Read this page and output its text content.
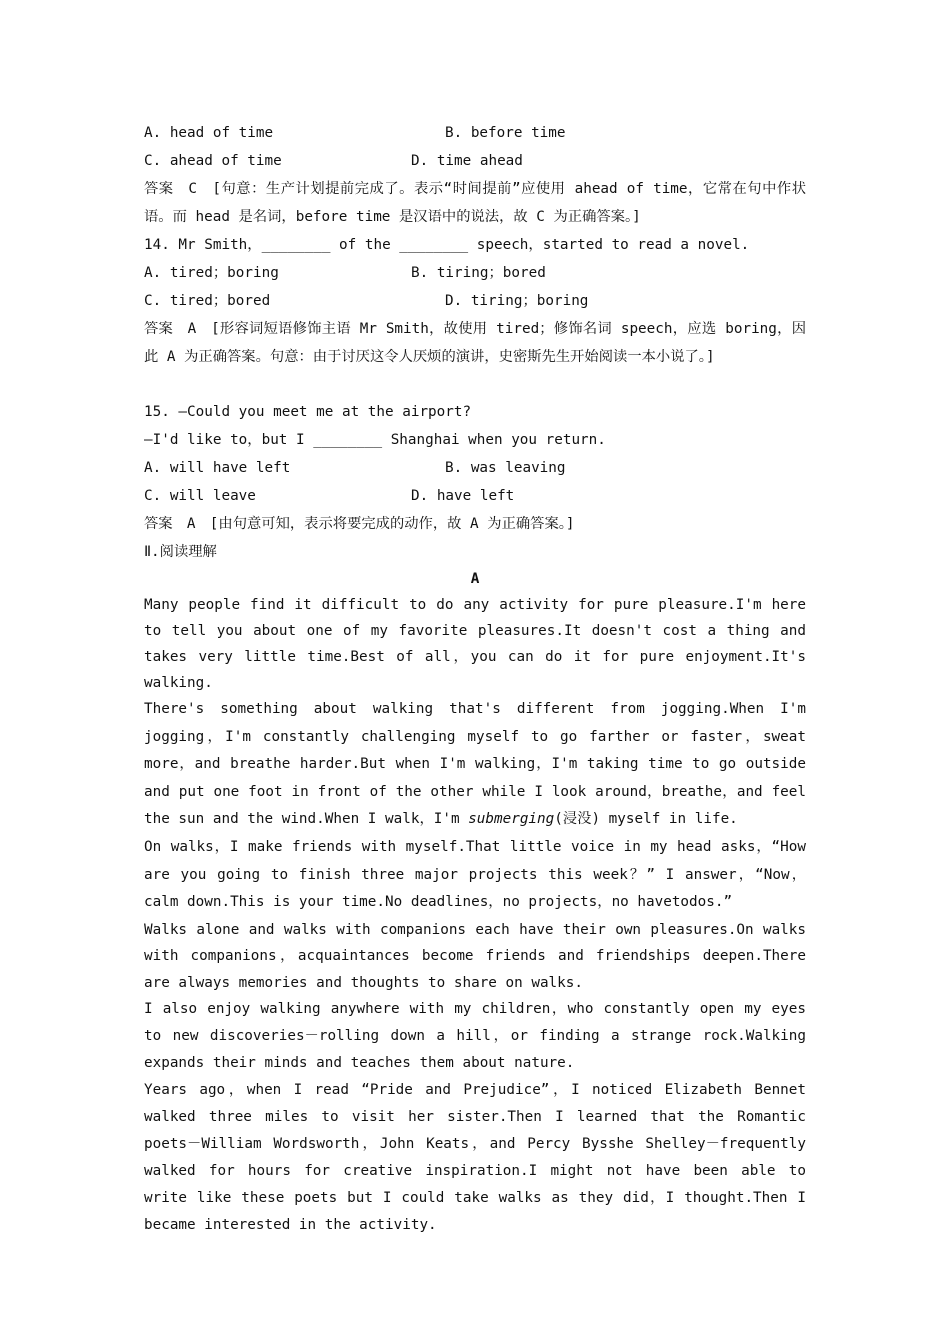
A. head of time	B. before time
C. ahead of time	D. time ahead

答案　C　[句意：生产计划提前完成了。表示“时间提前”应使用 ahead of time，它常在句中作状语。而 head 是名词，before time 是汉语中的说法，故 C 为正确答案。]

14. Mr Smith，________ of the ________ speech，started to read a novel.
A. tired；boring	B. tiring；bored
C. tired；bored	D. tiring；boring

答案　A　[形容词短语修饰主语 Mr Smith，故使用 tired；修饰名词 speech，应选 boring，因此 A 为正确答案。句意：由于讨厌这令人厌烦的演讲，史密斯先生开始阅读一本小说了。]

15. —Could you meet me at the airport?
—I'd like to，but I ________ Shanghai when you return.
A. will have left	B. was leaving
C. will leave	D. have left
答案　A　[由句意可知，表示将要完成的动作，故 A 为正确答案。]
Ⅱ.阅读理解
A

Many people find it difficult to do any activity for pure pleasure.I'm here to tell you about one of my favorite pleasures.It doesn't cost a thing and takes very little time.Best of all，you can do it for pure enjoyment.It's walking.

There's something about walking that's different from jogging.When I'm jogging，I'm constantly challenging myself to go farther or faster，sweat more，and breathe harder.But when I'm walking，I'm taking time to go outside and put one foot in front of the other while I look around，breathe，and feel the sun and the wind.When I walk，I'm submerging(浸没) myself in life.

On walks，I make friends with myself.That little voice in my head asks，“How are you going to finish three major projects this week？” I answer，“Now，calm down.This is your time.No deadlines，no projects，no havetodos.”

Walks alone and walks with companions each have their own pleasures.On walks with companions，acquaintances become friends and friendships deepen.There are always memories and thoughts to share on walks.

I also enjoy walking anywhere with my children，who constantly open my eyes to new discoveries－rolling down a hill，or finding a strange rock.Walking expands their minds and teaches them about nature.

Years ago，when I read “Pride and Prejudice”，I noticed Elizabeth Bennet walked three miles to visit her sister.Then I learned that the Romantic poets－William Wordsworth，John Keats，and Percy Bysshe Shelley－frequently walked for hours for creative inspiration.I might not have been able to write like these poets but I could take walks as they did，I thought.Then I became interested in the activity.
